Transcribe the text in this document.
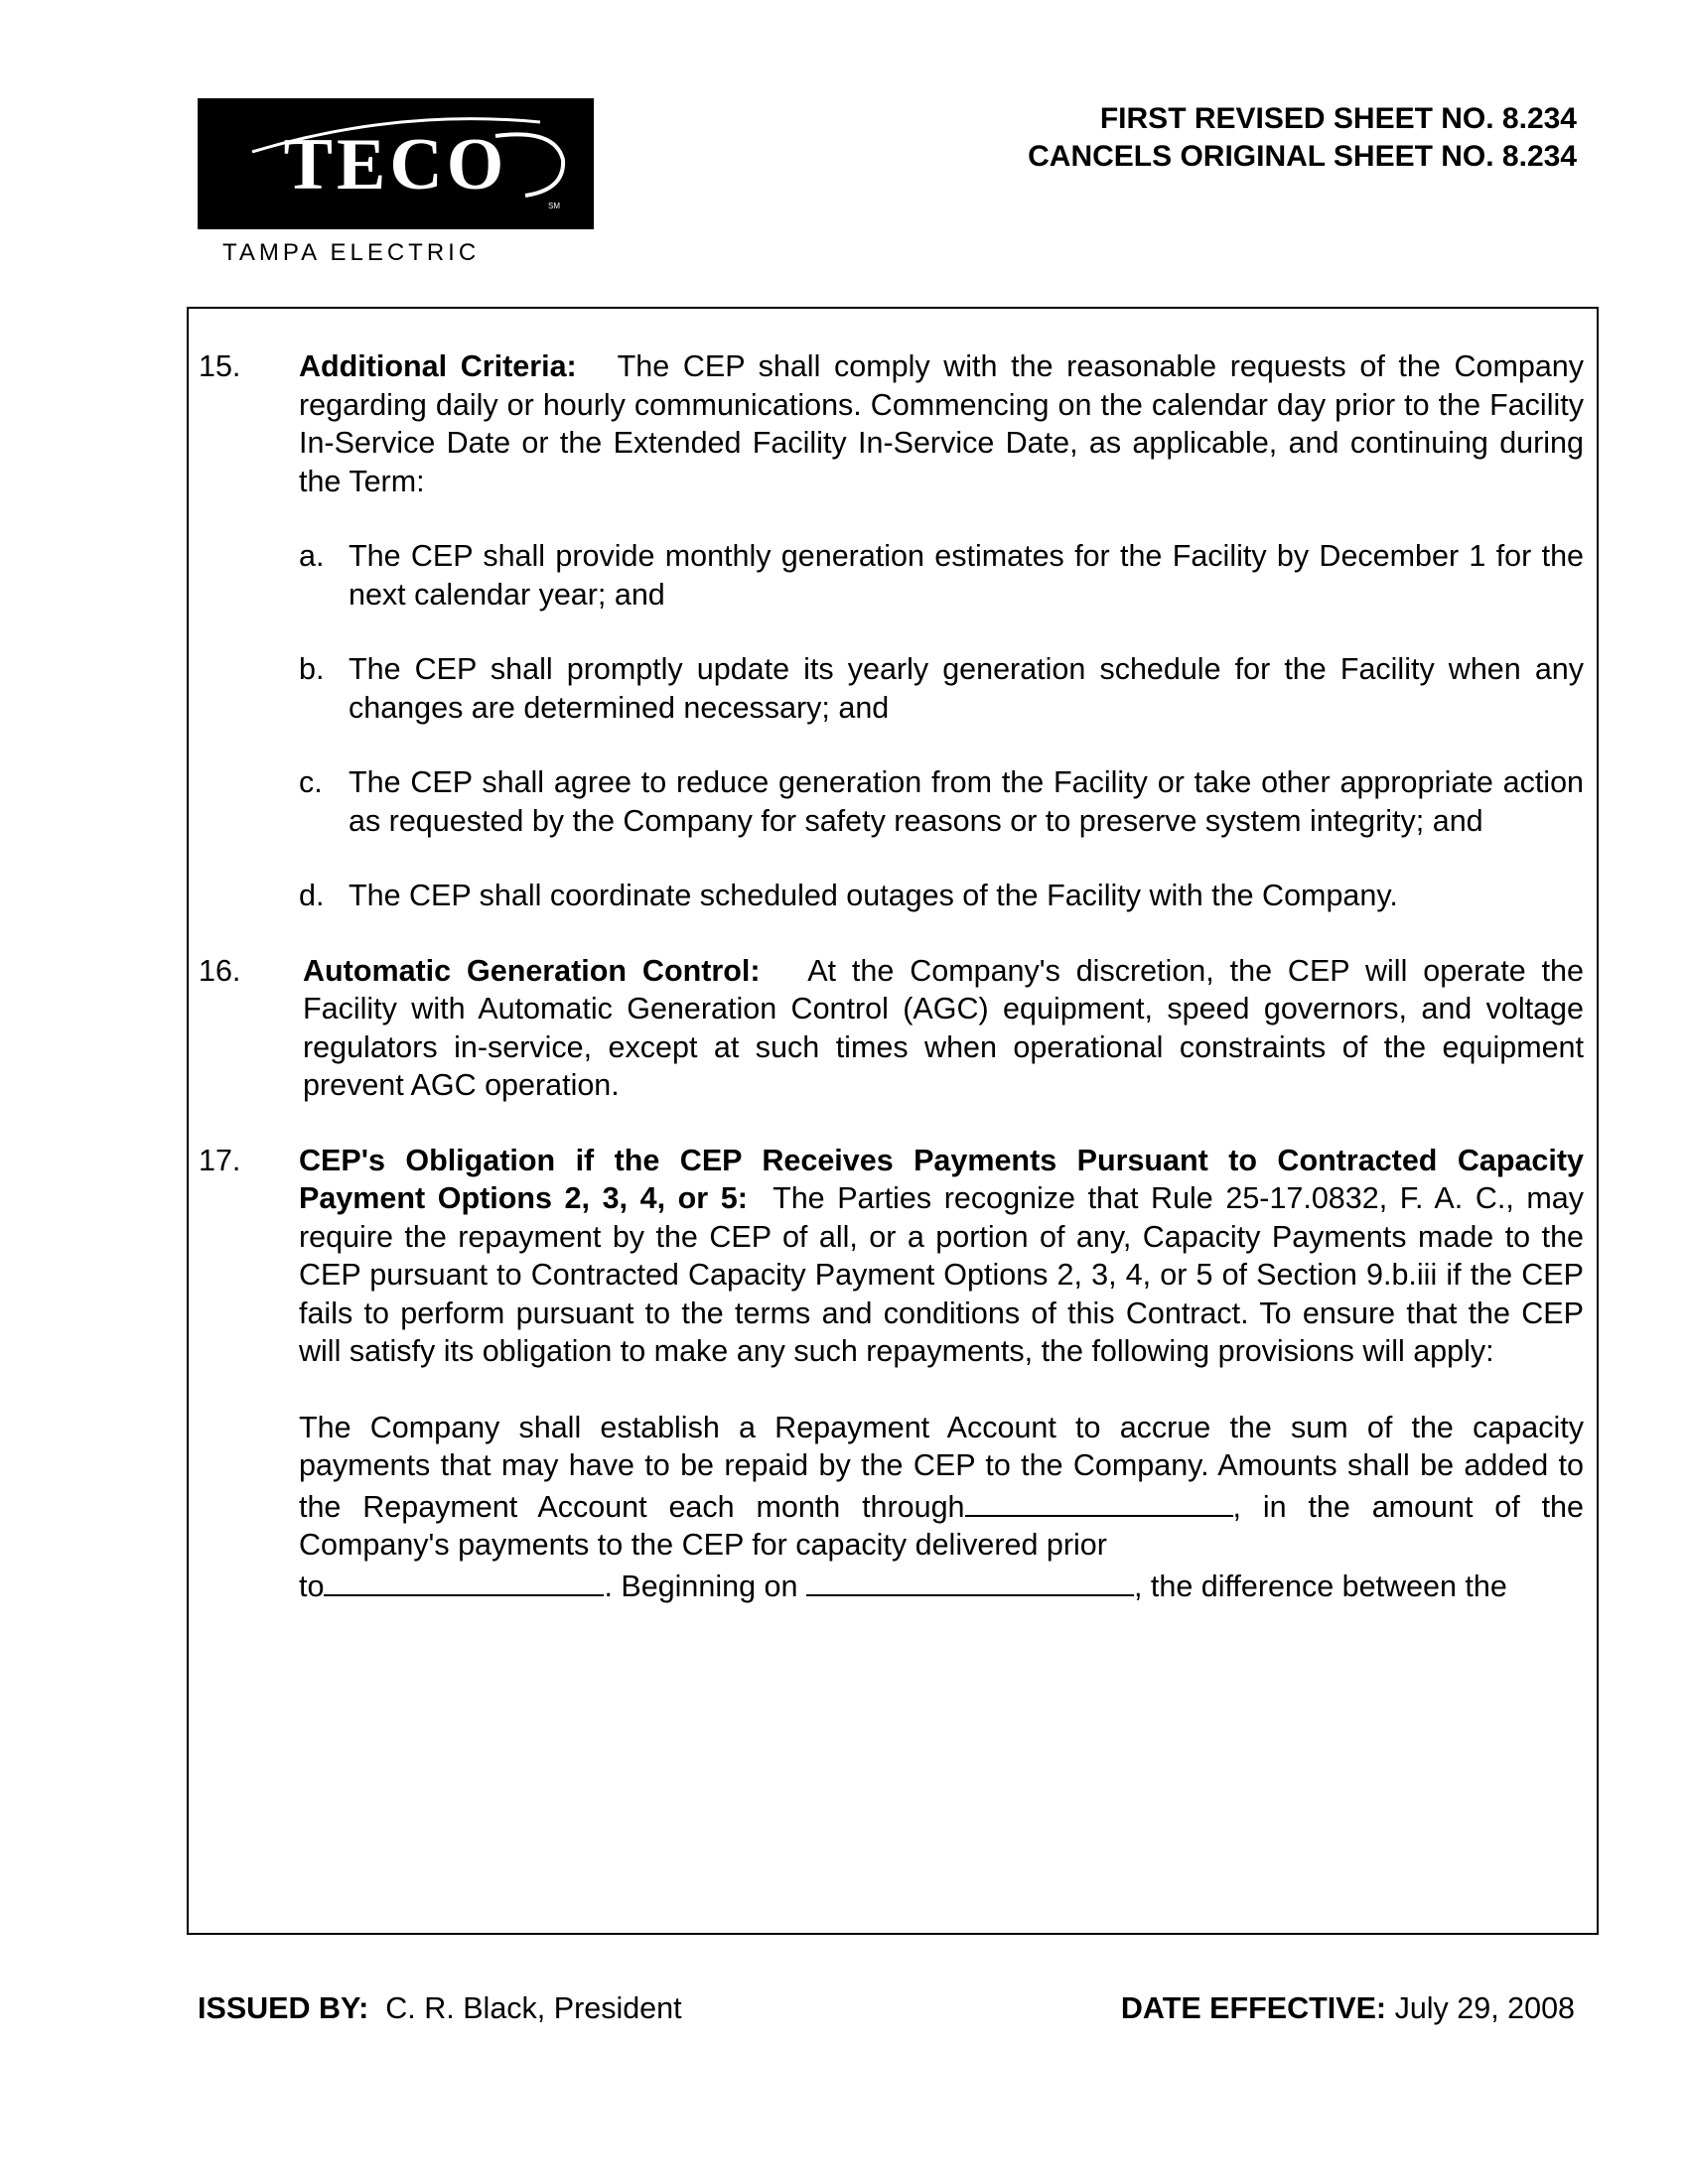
TECO
SM
TAMPA ELECTRIC
FIRST REVISED SHEET NO. 8.234
CANCELS ORIGINAL SHEET NO. 8.234
15. Additional Criteria: The CEP shall comply with the reasonable requests of the Company regarding daily or hourly communications. Commencing on the calendar day prior to the Facility In-Service Date or the Extended Facility In-Service Date, as applicable, and continuing during the Term:
a. The CEP shall provide monthly generation estimates for the Facility by December 1 for the next calendar year; and
b. The CEP shall promptly update its yearly generation schedule for the Facility when any changes are determined necessary; and
c. The CEP shall agree to reduce generation from the Facility or take other appropriate action as requested by the Company for safety reasons or to preserve system integrity; and
d. The CEP shall coordinate scheduled outages of the Facility with the Company.
16. Automatic Generation Control: At the Company's discretion, the CEP will operate the Facility with Automatic Generation Control (AGC) equipment, speed governors, and voltage regulators in-service, except at such times when operational constraints of the equipment prevent AGC operation.
17. CEP's Obligation if the CEP Receives Payments Pursuant to Contracted Capacity Payment Options 2, 3, 4, or 5: The Parties recognize that Rule 25-17.0832, F. A. C., may require the repayment by the CEP of all, or a portion of any, Capacity Payments made to the CEP pursuant to Contracted Capacity Payment Options 2, 3, 4, or 5 of Section 9.b.iii if the CEP fails to perform pursuant to the terms and conditions of this Contract. To ensure that the CEP will satisfy its obligation to make any such repayments, the following provisions will apply:
The Company shall establish a Repayment Account to accrue the sum of the capacity payments that may have to be repaid by the CEP to the Company. Amounts shall be added to the Repayment Account each month through	, in the amount of the Company's payments to the CEP for capacity delivered prior
to	. Beginning on	, the difference between the
ISSUED BY: C. R. Black, President	DATE EFFECTIVE: July 29, 2008
